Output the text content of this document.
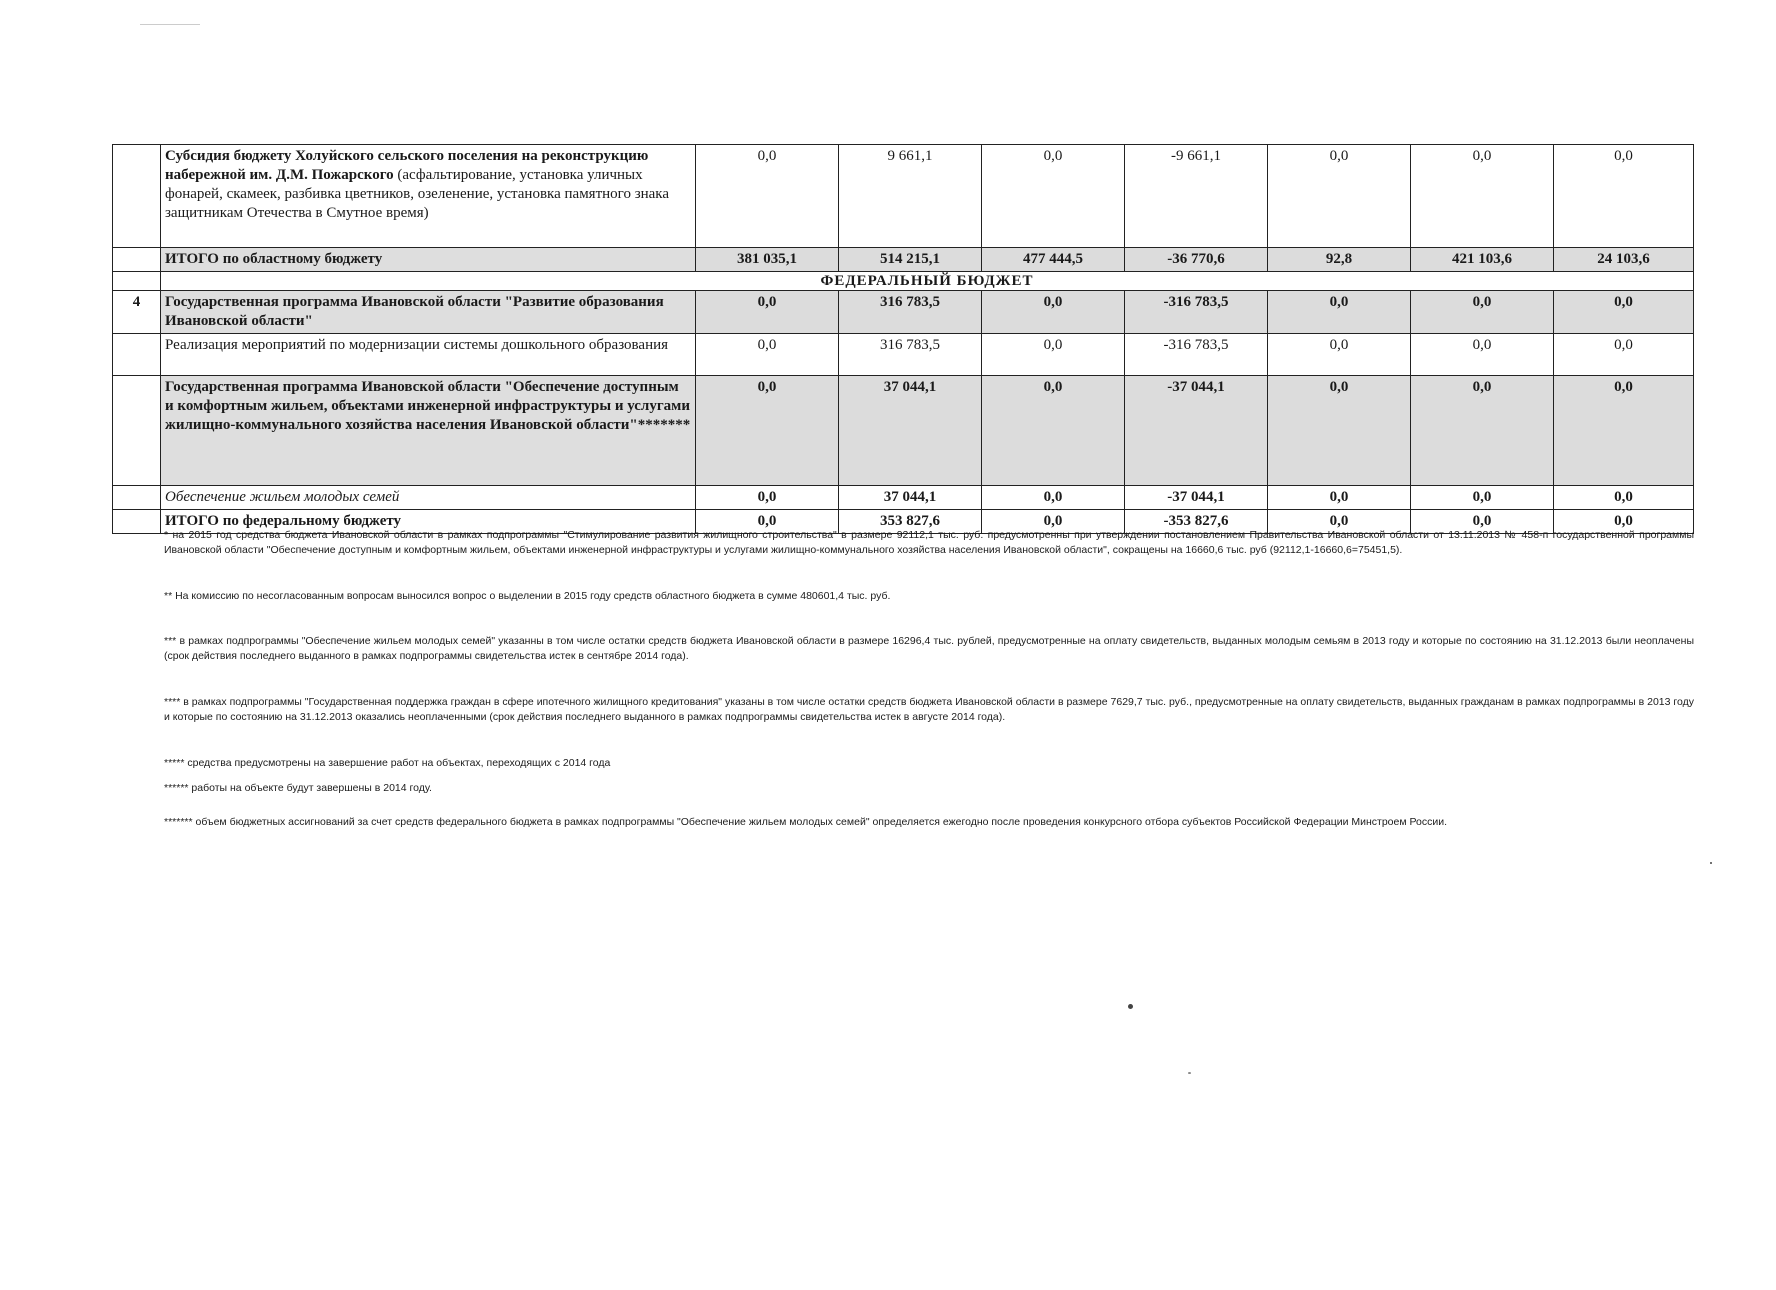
	Субсидия бюджету Холуйского сельского поселения на реконструкцию набережной им. Д.М. Пожарского (асфальтирование, установка уличных фонарей, скамеек, разбивка цветников, озеленение, установка памятного знака защитникам Отечества в Смутное время)	0,0	9 661,1	0,0	-9 661,1	0,0	0,0	0,0
	ИТОГО по областному бюджету	381 035,1	514 215,1	477 444,5	-36 770,6	92,8	421 103,6	24 103,6
	ФЕДЕРАЛЬНЫЙ БЮДЖЕТ							
4	Государственная программа Ивановской области "Развитие образования Ивановской области"	0,0	316 783,5	0,0	-316 783,5	0,0	0,0	0,0
	Реализация мероприятий по модернизации системы дошкольного образования	0,0	316 783,5	0,0	-316 783,5	0,0	0,0	0,0
	Государственная программа Ивановской области "Обеспечение доступным и комфортным жильем, объектами инженерной инфраструктуры и услугами жилищно-коммунального хозяйства населения Ивановской области"*******	0,0	37 044,1	0,0	-37 044,1	0,0	0,0	0,0
	Обеспечение жильем молодых семей	0,0	37 044,1	0,0	-37 044,1	0,0	0,0	0,0
	ИТОГО по федеральному бюджету	0,0	353 827,6	0,0	-353 827,6	0,0	0,0	0,0

* на 2015 год средства бюджета Ивановской области в рамках подпрограммы "Стимулирование развития жилищного строительства" в размере 92112,1 тыс. руб. предусмотренны при утверждении постановлением Правительства Ивановской области от 13.11.2013 № 458-п государственной программы Ивановской области "Обеспечение доступным и комфортным жильем, объектами инженерной инфраструктуры и услугами жилищно-коммунального хозяйства населения Ивановской области", сокращены на 16660,6 тыс. руб (92112,1-16660,6=75451,5).

** На комиссию по несогласованным вопросам выносился вопрос о выделении в 2015 году средств областного бюджета в сумме 480601,4 тыс. руб.

*** в рамках подпрограммы "Обеспечение жильем молодых семей" указанны в том числе остатки средств бюджета Ивановской области в размере 16296,4 тыс. рублей, предусмотренные на оплату свидетельств, выданных молодым семьям в 2013 году и которые по состоянию на 31.12.2013 были неоплачены (срок действия последнего выданного в рамках подпрограммы свидетельства истек в сентябре 2014 года).

**** в рамках подпрограммы "Государственная поддержка граждан в сфере ипотечного жилищного кредитования" указаны в том числе остатки средств бюджета Ивановской области в размере 7629,7 тыс. руб., предусмотренные на оплату свидетельств, выданных гражданам в рамках подпрограммы в 2013 году и которые по состоянию на 31.12.2013 оказались неоплаченными (срок действия последнего выданного в рамках подпрограммы свидетельства истек в августе 2014 года).

***** средства предусмотрены на завершение работ на объектах, переходящих с 2014 года

****** работы на объекте будут завершены в 2014 году.

******* объем бюджетных ассигнований за счет средств федерального бюджета в рамках подпрограммы "Обеспечение жильем молодых семей" определяется ежегодно после проведения конкурсного отбора субъектов Российской Федерации Минстроем России.
